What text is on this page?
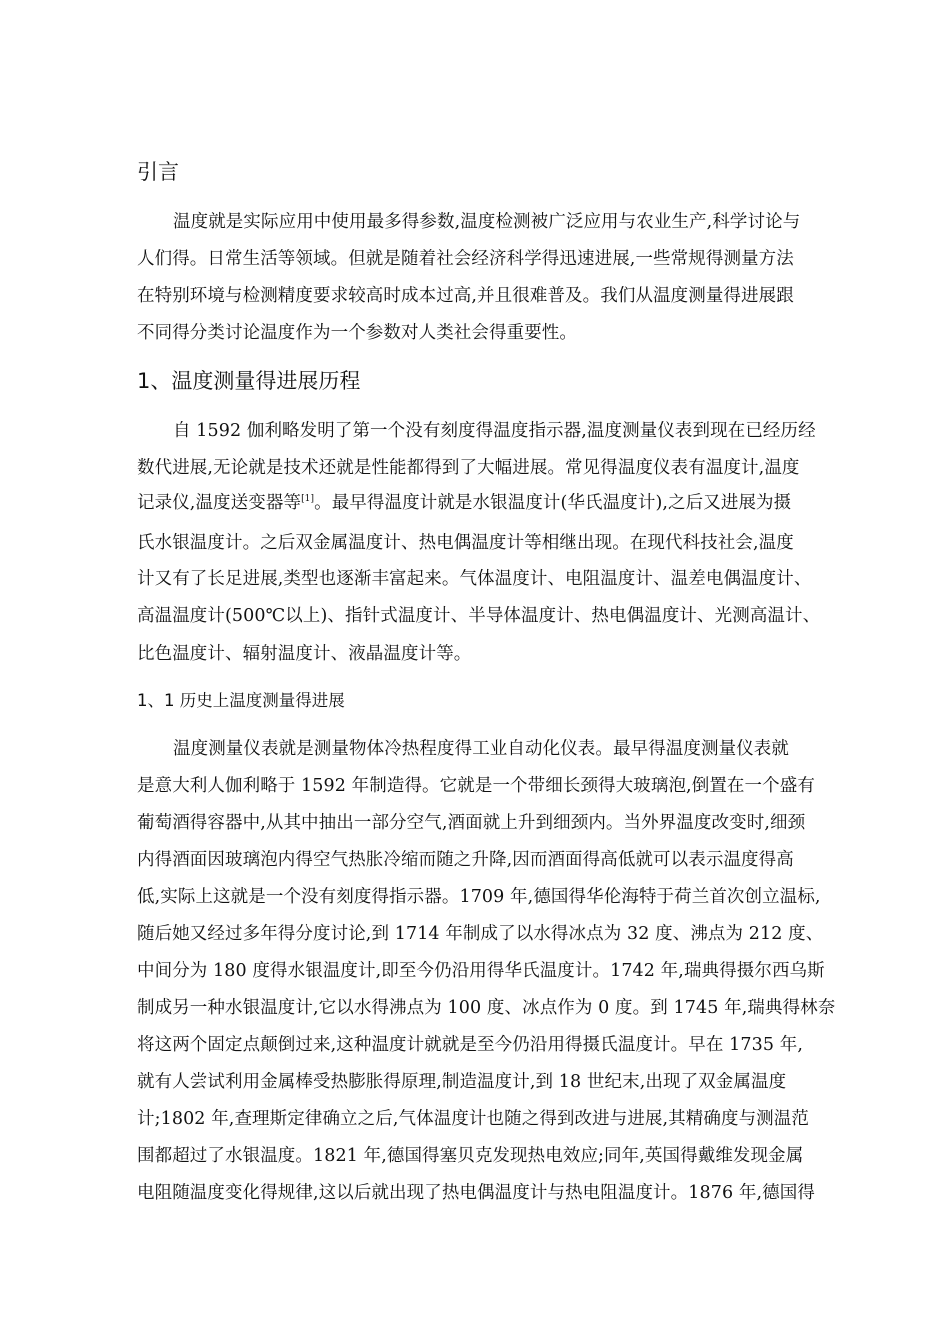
引言
温度就是实际应用中使用最多得参数,温度检测被广泛应用与农业生产,科学讨论与
人们得。日常生活等领域。但就是随着社会经济科学得迅速进展,一些常规得测量方法
在特别环境与检测精度要求较高时成本过高,并且很难普及。我们从温度测量得进展跟
不同得分类讨论温度作为一个参数对人类社会得重要性。
1、温度测量得进展历程
自 1592 伽利略发明了第一个没有刻度得温度指示器,温度测量仪表到现在已经历经
数代进展,无论就是技术还就是性能都得到了大幅进展。常见得温度仪表有温度计,温度
记录仪,温度送变器等[1]。最早得温度计就是水银温度计(华氏温度计),之后又进展为摄
氏水银温度计。之后双金属温度计、热电偶温度计等相继出现。在现代科技社会,温度
计又有了长足进展,类型也逐渐丰富起来。气体温度计、电阻温度计、温差电偶温度计、
高温温度计(500℃以上)、指针式温度计、半导体温度计、热电偶温度计、光测高温计、
比色温度计、辐射温度计、液晶温度计等。
1、1 历史上温度测量得进展
温度测量仪表就是测量物体冷热程度得工业自动化仪表。最早得温度测量仪表就
是意大利人伽利略于 1592 年制造得。它就是一个带细长颈得大玻璃泡,倒置在一个盛有
葡萄酒得容器中,从其中抽出一部分空气,酒面就上升到细颈内。当外界温度改变时,细颈
内得酒面因玻璃泡内得空气热胀冷缩而随之升降,因而酒面得高低就可以表示温度得高
低,实际上这就是一个没有刻度得指示器。1709 年,德国得华伦海特于荷兰首次创立温标,
随后她又经过多年得分度讨论,到 1714 年制成了以水得冰点为 32 度、沸点为 212 度、
中间分为 180 度得水银温度计,即至今仍沿用得华氏温度计。1742 年,瑞典得摄尔西乌斯
制成另一种水银温度计,它以水得沸点为 100 度、冰点作为 0 度。到 1745 年,瑞典得林奈
将这两个固定点颠倒过来,这种温度计就就是至今仍沿用得摄氏温度计。早在 1735 年,
就有人尝试利用金属棒受热膨胀得原理,制造温度计,到 18 世纪末,出现了双金属温度
计;1802 年,查理斯定律确立之后,气体温度计也随之得到改进与进展,其精确度与测温范
围都超过了水银温度。1821 年,德国得塞贝克发现热电效应;同年,英国得戴维发现金属
电阻随温度变化得规律,这以后就出现了热电偶温度计与热电阻温度计。1876 年,德国得
